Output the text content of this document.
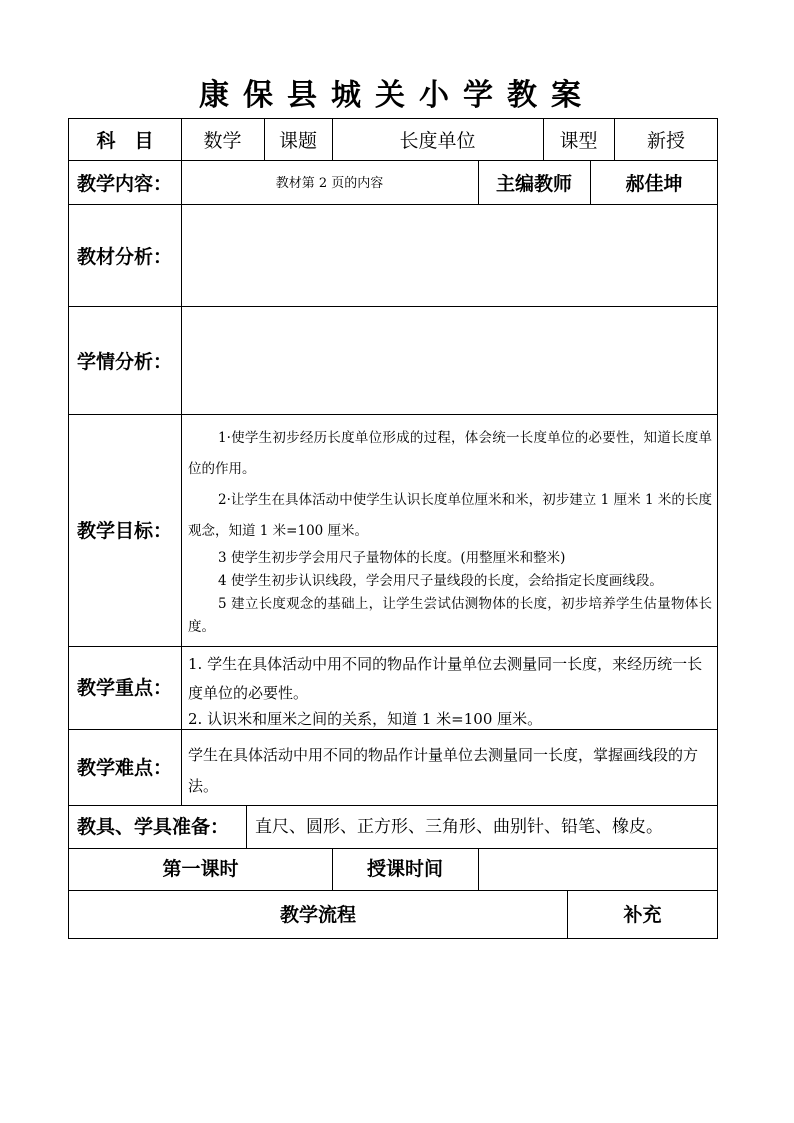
康保县城关小学教案
科　目	数学	课题	长度单位	课型	新授
教学内容：	教材第 2 页的内容	主编教师	郝佳坤
教材分析：
学情分析：
教学目标：

1·使学生初步经历长度单位形成的过程，体会统一长度单位的必要性，知道长度单位的作用。

2·让学生在具体活动中使学生认识长度单位厘米和米，初步建立 1 厘米 1 米的长度观念，知道 1 米=100 厘米。

3 使学生初步学会用尺子量物体的长度。(用整厘米和整米)

4 使学生初步认识线段，学会用尺子量线段的长度，会给指定长度画线段。

5 建立长度观念的基础上，让学生尝试估测物体的长度，初步培养学生估量物体长度。

教学重点：
1. 学生在具体活动中用不同的物品作计量单位去测量同一长度，来经历统一长度单位的必要性。
2. 认识米和厘米之间的关系，知道 1 米=100 厘米。
教学难点：
学生在具体活动中用不同的物品作计量单位去测量同一长度，掌握画线段的方法。
教具、学具准备： 直尺、圆形、正方形、三角形、曲别针、铅笔、橡皮。
第一课时	授课时间
教学流程	补充
